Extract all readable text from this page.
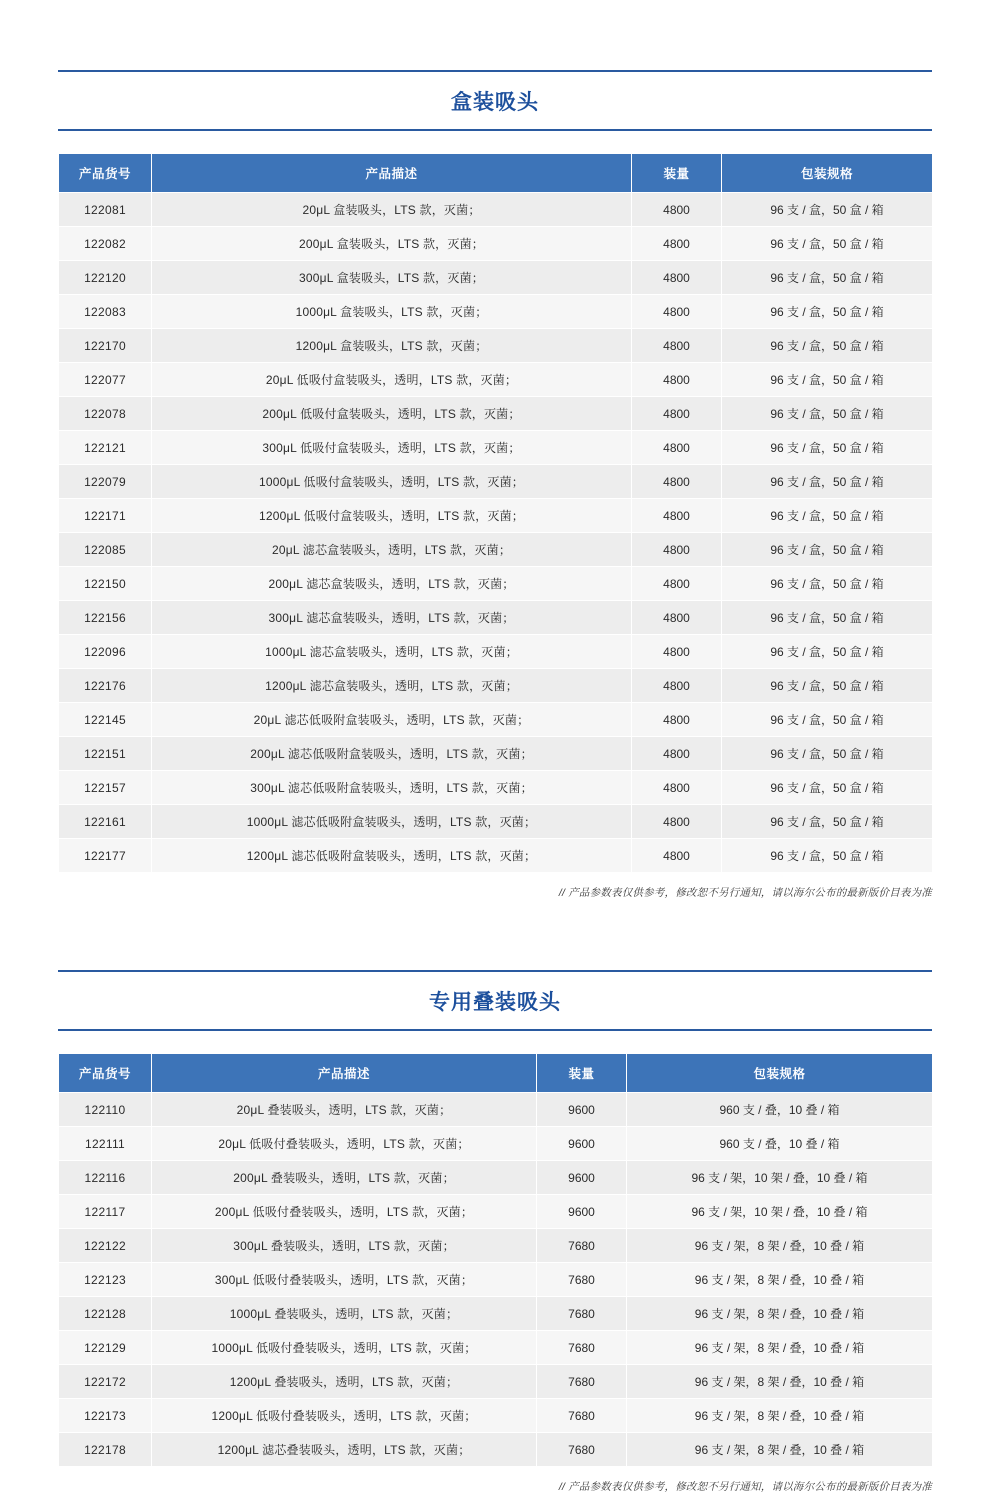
盒装吸头
产品货号	产品描述	装量	包装规格
122081	20μL 盒装吸头，LTS 款，灭菌；	4800	96 支 / 盒，50 盒 / 箱
122082	200μL 盒装吸头，LTS 款，灭菌；	4800	96 支 / 盒，50 盒 / 箱
122120	300μL 盒装吸头，LTS 款，灭菌；	4800	96 支 / 盒，50 盒 / 箱
122083	1000μL 盒装吸头，LTS 款，灭菌；	4800	96 支 / 盒，50 盒 / 箱
122170	1200μL 盒装吸头，LTS 款，灭菌；	4800	96 支 / 盒，50 盒 / 箱
122077	20μL 低吸付盒装吸头，透明，LTS 款，灭菌；	4800	96 支 / 盒，50 盒 / 箱
122078	200μL 低吸付盒装吸头，透明，LTS 款，灭菌；	4800	96 支 / 盒，50 盒 / 箱
122121	300μL 低吸付盒装吸头，透明，LTS 款，灭菌；	4800	96 支 / 盒，50 盒 / 箱
122079	1000μL 低吸付盒装吸头，透明，LTS 款，灭菌；	4800	96 支 / 盒，50 盒 / 箱
122171	1200μL 低吸付盒装吸头，透明，LTS 款，灭菌；	4800	96 支 / 盒，50 盒 / 箱
122085	20μL 滤芯盒装吸头，透明，LTS 款，灭菌；	4800	96 支 / 盒，50 盒 / 箱
122150	200μL 滤芯盒装吸头，透明，LTS 款，灭菌；	4800	96 支 / 盒，50 盒 / 箱
122156	300μL 滤芯盒装吸头，透明，LTS 款，灭菌；	4800	96 支 / 盒，50 盒 / 箱
122096	1000μL 滤芯盒装吸头，透明，LTS 款，灭菌；	4800	96 支 / 盒，50 盒 / 箱
122176	1200μL 滤芯盒装吸头，透明，LTS 款，灭菌；	4800	96 支 / 盒，50 盒 / 箱
122145	20μL 滤芯低吸附盒装吸头，透明，LTS 款，灭菌；	4800	96 支 / 盒，50 盒 / 箱
122151	200μL 滤芯低吸附盒装吸头，透明，LTS 款，灭菌；	4800	96 支 / 盒，50 盒 / 箱
122157	300μL 滤芯低吸附盒装吸头，透明，LTS 款，灭菌；	4800	96 支 / 盒，50 盒 / 箱
122161	1000μL 滤芯低吸附盒装吸头，透明，LTS 款，灭菌；	4800	96 支 / 盒，50 盒 / 箱
122177	1200μL 滤芯低吸附盒装吸头，透明，LTS 款，灭菌；	4800	96 支 / 盒，50 盒 / 箱
// 产品参数表仅供参考，修改恕不另行通知，请以海尔公布的最新版价目表为准
专用叠装吸头
产品货号	产品描述	装量	包装规格
122110	20μL 叠装吸头，透明，LTS 款，灭菌；	9600	960 支 / 叠，10 叠 / 箱
122111	20μL 低吸付叠装吸头，透明，LTS 款，灭菌；	9600	960 支 / 叠，10 叠 / 箱
122116	200μL 叠装吸头，透明，LTS 款，灭菌；	9600	96 支 / 架，10 架 / 叠，10 叠 / 箱
122117	200μL 低吸付叠装吸头，透明，LTS 款，灭菌；	9600	96 支 / 架，10 架 / 叠，10 叠 / 箱
122122	300μL 叠装吸头，透明，LTS 款，灭菌；	7680	96 支 / 架，8 架 / 叠，10 叠 / 箱
122123	300μL 低吸付叠装吸头，透明，LTS 款，灭菌；	7680	96 支 / 架，8 架 / 叠，10 叠 / 箱
122128	1000μL 叠装吸头，透明，LTS 款，灭菌；	7680	96 支 / 架，8 架 / 叠，10 叠 / 箱
122129	1000μL 低吸付叠装吸头，透明，LTS 款，灭菌；	7680	96 支 / 架，8 架 / 叠，10 叠 / 箱
122172	1200μL 叠装吸头，透明，LTS 款，灭菌；	7680	96 支 / 架，8 架 / 叠，10 叠 / 箱
122173	1200μL 低吸付叠装吸头，透明，LTS 款，灭菌；	7680	96 支 / 架，8 架 / 叠，10 叠 / 箱
122178	1200μL 滤芯叠装吸头，透明，LTS 款，灭菌；	7680	96 支 / 架，8 架 / 叠，10 叠 / 箱
// 产品参数表仅供参考，修改恕不另行通知，请以海尔公布的最新版价目表为准
